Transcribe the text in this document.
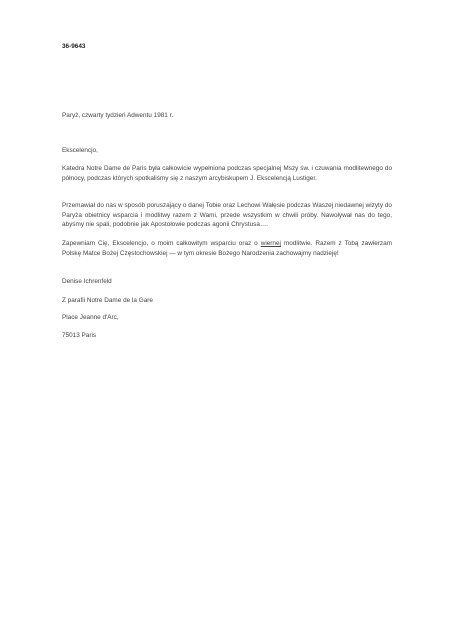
36-9643
Paryż, czwarty tydzień Adwentu 1981 r.
Ekscelencjo,
Katedra Notre Dame de Paris była całkowicie wypełniona podczas specjalnej Mszy św. i czuwania modlitewnego do północy, podczas których spotkaliśmy się z naszym arcybiskupem J. Ekscelencją Lustiger.
Przemawiał do nas w sposób poruszający o danej Tobie oraz Lechowi Wałęsie podczas Waszej niedawnej wizyty do Paryża obietnicy wsparcia i modlitwy razem z Wami, przede wszystkim w chwili próby. Nawoływał nas do tego, abyśmy nie spali, podobnie jak Apostołowie podczas agonii Chrystusa….
Zapewniam Cię, Ekscelencjo, o moim całkowitym wsparciu oraz o wiernej modlitwie. Razem z Tobą zawierzam Polskę Matce Bożej Częstochowskiej — w tym okresie Bożego Narodzenia zachowajmy nadzieję!
Denise Ichrenfeld
Z parafii Notre Dame de la Gare
Place Jeanne d'Arc,
75013 Paris
